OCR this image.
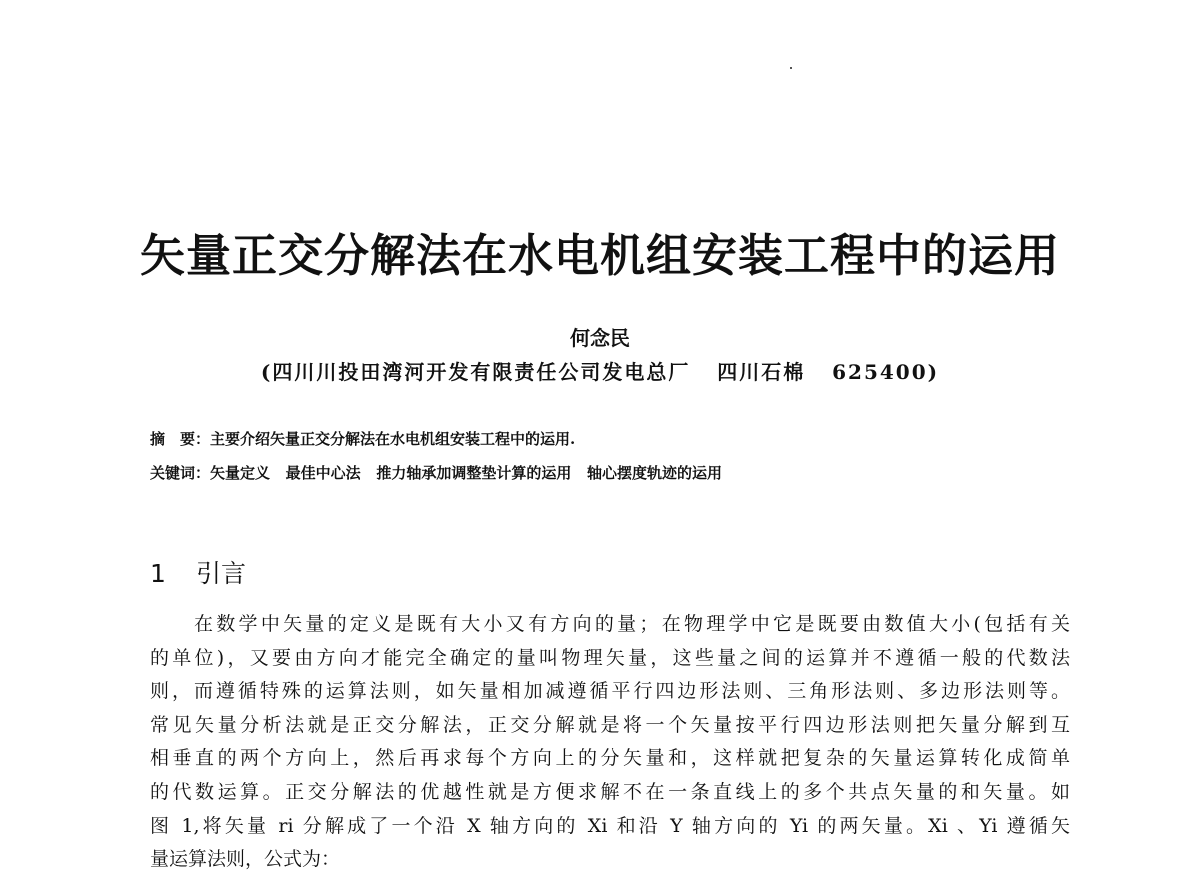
矢量正交分解法在水电机组安装工程中的运用
何念民
(四川川投田湾河开发有限责任公司发电总厂   四川石棉   625400)
摘　要：主要介绍矢量正交分解法在水电机组安装工程中的运用.
关键词：矢量定义   最佳中心法   推力轴承加调整垫计算的运用   轴心摆度轨迹的运用
1 引言
在数学中矢量的定义是既有大小又有方向的量；在物理学中它是既要由数值大小(包括有关
的单位)，又要由方向才能完全确定的量叫物理矢量，这些量之间的运算并不遵循一般的代数法
则，而遵循特殊的运算法则，如矢量相加减遵循平行四边形法则、三角形法则、多边形法则等。
常见矢量分析法就是正交分解法，正交分解就是将一个矢量按平行四边形法则把矢量分解到互
相垂直的两个方向上，然后再求每个方向上的分矢量和，这样就把复杂的矢量运算转化成简单
的代数运算。正交分解法的优越性就是方便求解不在一条直线上的多个共点矢量的和矢量。如
图 1,将矢量 ri 分解成了一个沿 X 轴方向的 Xi 和沿 Y 轴方向的 Yi 的两矢量。Xi 、Yi 遵循矢
量运算法则，公式为：
